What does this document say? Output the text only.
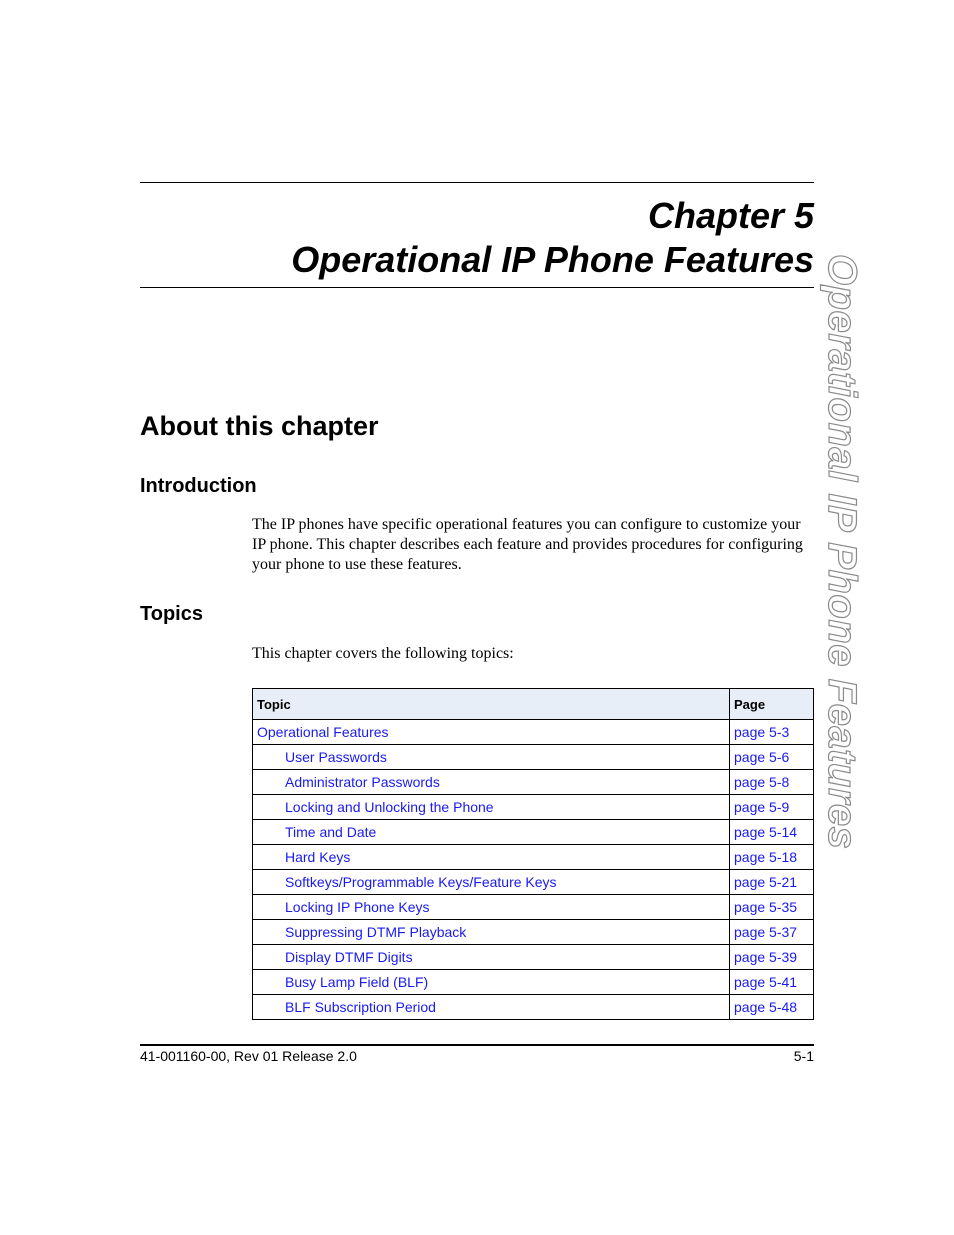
Chapter 5
Operational IP Phone Features Operational IP Phone Features
About this chapter
Introduction
The IP phones have specific operational features you can configure to customize your IP phone. This chapter describes each feature and provides procedures for configuring your phone to use these features.
Topics
This chapter covers the following topics:
Topic	Page
Operational Features	page 5-3
User Passwords	page 5-6
Administrator Passwords	page 5-8
Locking and Unlocking the Phone	page 5-9
Time and Date	page 5-14
Hard Keys	page 5-18
Softkeys/Programmable Keys/Feature Keys	page 5-21
Locking IP Phone Keys	page 5-35
Suppressing DTMF Playback	page 5-37
Display DTMF Digits	page 5-39
Busy Lamp Field (BLF)	page 5-41
BLF Subscription Period	page 5-48
41-001160-00, Rev 01 Release 2.0	5-1
